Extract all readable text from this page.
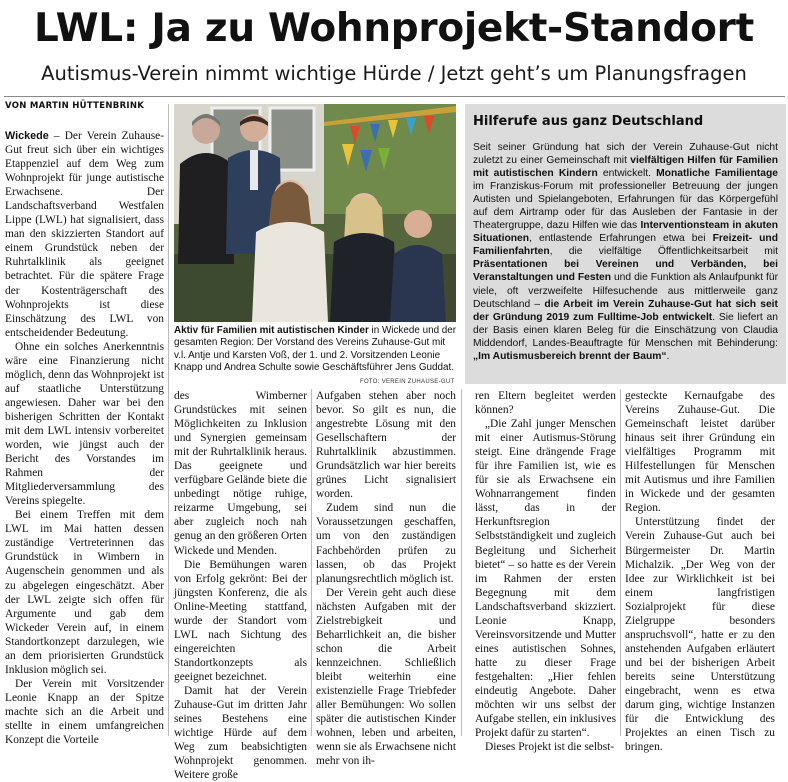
LWL: Ja zu Wohnprojekt-Standort
Autismus-Verein nimmt wichtige Hürde / Jetzt geht’s um Planungsfragen
VON MARTIN HÜTTENBRINK

Wickede – Der Verein Zuhause-Gut freut sich über ein wichtiges Etappenziel auf dem Weg zum Wohnprojekt für junge autistische Erwachsene. Der Landschaftsverband Westfalen Lippe (LWL) hat signalisiert, dass man den skizzierten Standort auf einem Grundstück neben der Ruhrtalklinik als geeignet betrachtet. Für die spätere Frage der Kostenträgerschaft des Wohnprojekts ist diese Einschätzung des LWL von entscheidender Bedeutung.

Ohne ein solches Anerkenntnis wäre eine Finanzierung nicht möglich, denn das Wohnprojekt ist auf staatliche Unterstützung angewiesen. Daher war bei den bisherigen Schritten der Kontakt mit dem LWL intensiv vorbereitet worden, wie jüngst auch der Bericht des Vorstandes im Rahmen der Mitgliederversammlung des Vereins spiegelte.

Bei einem Treffen mit dem LWL im Mai hatten dessen zuständige Vertreterinnen das Grundstück in Wimbern in Augenschein genommen und als zu abgelegen eingeschätzt. Aber der LWL zeigte sich offen für Argumente und gab dem Wickeder Verein auf, in einem Standortkonzept darzulegen, wie an dem priorisierten Grundstück Inklusion möglich sei.

Der Verein mit Vorsitzender Leonie Knapp an der Spitze machte sich an die Arbeit und stellte in einem umfangreichen Konzept die Vorteile

Aktiv für Familien mit autistischen Kinder in Wickede und der gesamten Region: Der Vorstand des Vereins Zuhause-Gut mit v.l. Antje und Karsten Voß, der 1. und 2. Vorsitzenden Leonie Knapp und Andrea Schulte sowie Geschäftsführer Jens Guddat.
FOTO: VEREIN ZUHAUSE-GUT
Hilferufe aus ganz Deutschland
Seit seiner Gründung hat sich der Verein Zuhause-Gut nicht zuletzt zu einer Gemeinschaft mit vielfältigen Hilfen für Familien mit autistischen Kindern entwickelt. Monatliche Familientage im Franziskus-Forum mit professioneller Betreuung der jungen Autisten und Spielangeboten, Erfahrungen für das Körpergefühl auf dem Airtramp oder für das Ausleben der Fantasie in der Theatergruppe, dazu Hilfen wie das Interventionsteam in akuten Situationen, entlastende Erfahrungen etwa bei Freizeit- und Familienfahrten, die vielfältige Öffentlichkeitsarbeit mit Präsentationen bei Vereinen und Verbänden, bei Veranstaltungen und Festen und die Funktion als Anlaufpunkt für viele, oft verzweifelte Hilfesuchende aus mittlerweile ganz Deutschland – die Arbeit im Verein Zuhause-Gut hat sich seit der Gründung 2019 zum Fulltime-Job entwickelt. Sie liefert an der Basis einen klaren Beleg für die Einschätzung von Claudia Middendorf, Landes-Beauftragte für Menschen mit Behinderung: „Im Autismusbereich brennt der Baum“.

des Wimberner Grundstückes mit seinen Möglichkeiten zu Inklusion und Synergien gemeinsam mit der Ruhrtalklinik heraus. Das geeignete und verfügbare Gelände biete die unbedingt nötige ruhige, reizarme Umgebung, sei aber zugleich noch nah genug an den größeren Orten Wickede und Menden.

Die Bemühungen waren von Erfolg gekrönt: Bei der jüngsten Konferenz, die als Online-Meeting stattfand, wurde der Standort vom LWL nach Sichtung des eingereichten Standortkonzepts als geeignet bezeichnet.

Damit hat der Verein Zuhause-Gut im dritten Jahr seines Bestehens eine wichtige Hürde auf dem Weg zum beabsichtigten Wohnprojekt genommen. Weitere große

Aufgaben stehen aber noch bevor. So gilt es nun, die angestrebte Lösung mit den Gesellschaftern der Ruhrtalklinik abzustimmen. Grundsätzlich war hier bereits grünes Licht signalisiert worden.

Zudem sind nun die Voraussetzungen geschaffen, um von den zuständigen Fachbehörden prüfen zu lassen, ob das Projekt planungsrechtlich möglich ist.

Der Verein geht auch diese nächsten Aufgaben mit der Zielstrebigkeit und Beharrlichkeit an, die bisher schon die Arbeit kennzeichnen. Schließlich bleibt weiterhin eine existenzielle Frage Triebfeder aller Bemühungen: Wo sollen später die autistischen Kinder wohnen, leben und arbeiten, wenn sie als Erwachsene nicht mehr von ih-

ren Eltern begleitet werden können?

„Die Zahl junger Menschen mit einer Autismus-Störung steigt. Eine drängende Frage für ihre Familien ist, wie es für sie als Erwachsene ein Wohnarrangement finden lässt, das in der Herkunftsregion Selbstständigkeit und zugleich Begleitung und Sicherheit bietet“ – so hatte es der Verein im Rahmen der ersten Begegnung mit dem Landschaftsverband skizziert. Leonie Knapp, Vereinsvorsitzende und Mutter eines autistischen Sohnes, hatte zu dieser Frage festgehalten: „Hier fehlen eindeutig Angebote. Daher möchten wir uns selbst der Aufgabe stellen, ein inklusives Projekt dafür zu starten“.

Dieses Projekt ist die selbst-

gesteckte Kernaufgabe des Vereins Zuhause-Gut. Die Gemeinschaft leistet darüber hinaus seit ihrer Gründung ein vielfältiges Programm mit Hilfestellungen für Menschen mit Autismus und ihre Familien in Wickede und der gesamten Region.

Unterstützung findet der Verein Zuhause-Gut auch bei Bürgermeister Dr. Martin Michalzik. „Der Weg von der Idee zur Wirklichkeit ist bei einem langfristigen Sozialprojekt für diese Zielgruppe besonders anspruchsvoll“, hatte er zu den anstehenden Aufgaben erläutert und bei der bisherigen Arbeit bereits seine Unterstützung eingebracht, wenn es etwa darum ging, wichtige Instanzen für die Entwicklung des Projektes an einen Tisch zu bringen.
